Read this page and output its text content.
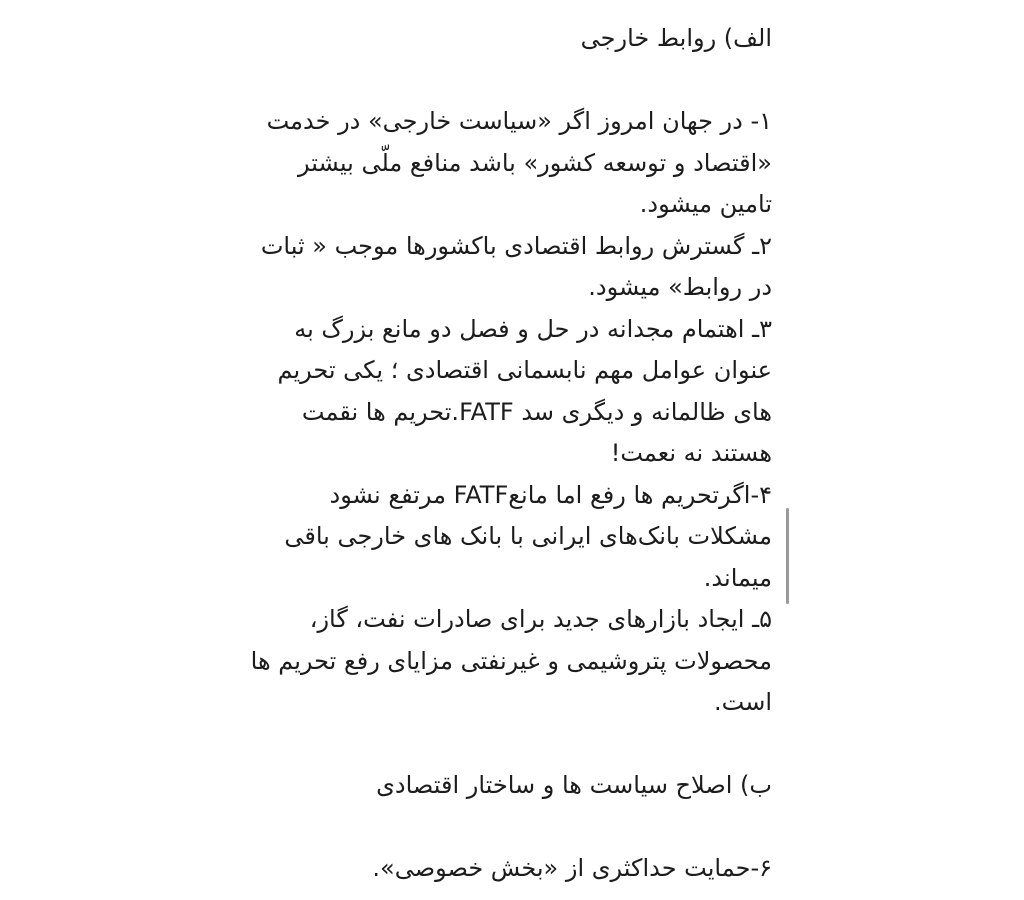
الف) روابط خارجی

۱- در جهان امروز اگر «سیاست خارجی» در خدمت «اقتصاد و توسعه کشور» باشد منافع ملّی بیشتر تامین میشود.

۲ـ گسترش روابط اقتصادی باکشورها موجب « ثبات در روابط» میشود.

۳ـ اهتمام مجدانه در حل و فصل دو مانع بزرگ به عنوان عوامل مهم نابسمانی اقتصادی ؛ یکی تحریم های ظالمانه و دیگری سد FATF.تحریم ها نقمت هستند نه نعمت!

۴-اگرتحریم ها رفع اما مانعFATF مرتفع نشود مشکلات بانک‌های ایرانی با بانک های خارجی باقی میماند.

۵ـ ایجاد بازارهای جدید برای صادرات نفت، گاز، محصولات پتروشیمی و غیرنفتی مزایای رفع تحریم ها است.

ب) اصلاح سیاست ها و ساختار اقتصادی

۶-حمایت حداکثری از «بخش خصوصی».
